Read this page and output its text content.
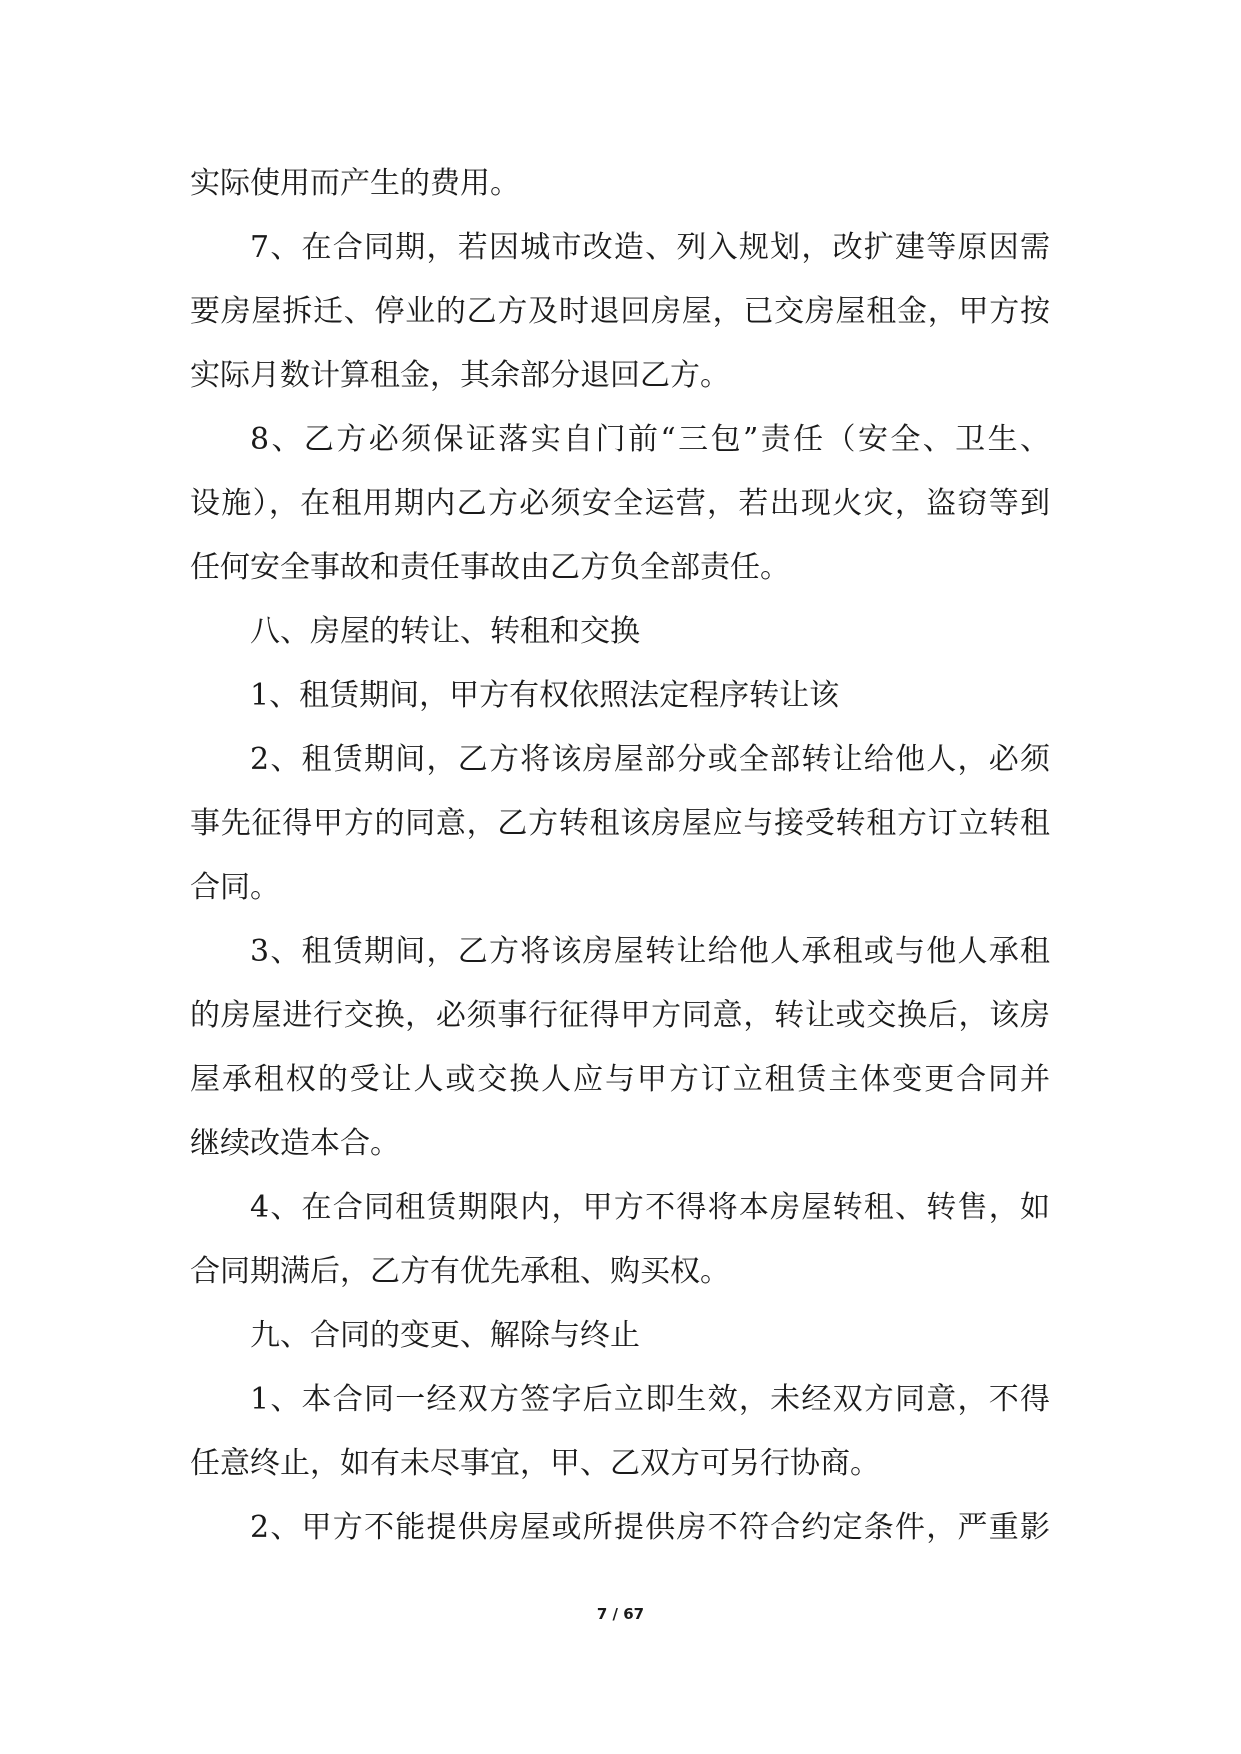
实际使用而产生的费用。
7、在合同期，若因城市改造、列入规划，改扩建等原因需
要房屋拆迁、停业的乙方及时退回房屋，已交房屋租金，甲方按
实际月数计算租金，其余部分退回乙方。
8、乙方必须保证落实自门前“三包”责任（安全、卫生、
设施），在租用期内乙方必须安全运营，若出现火灾，盗窃等到
任何安全事故和责任事故由乙方负全部责任。
八、房屋的转让、转租和交换
1、租赁期间，甲方有权依照法定程序转让该
2、租赁期间，乙方将该房屋部分或全部转让给他人，必须
事先征得甲方的同意，乙方转租该房屋应与接受转租方订立转租
合同。
3、租赁期间，乙方将该房屋转让给他人承租或与他人承租
的房屋进行交换，必须事行征得甲方同意，转让或交换后，该房
屋承租权的受让人或交换人应与甲方订立租赁主体变更合同并
继续改造本合。
4、在合同租赁期限内，甲方不得将本房屋转租、转售，如
合同期满后，乙方有优先承租、购买权。
九、合同的变更、解除与终止
1、本合同一经双方签字后立即生效，未经双方同意，不得
任意终止，如有未尽事宜，甲、乙双方可另行协商。
2、甲方不能提供房屋或所提供房不符合约定条件，严重影
7 / 67
